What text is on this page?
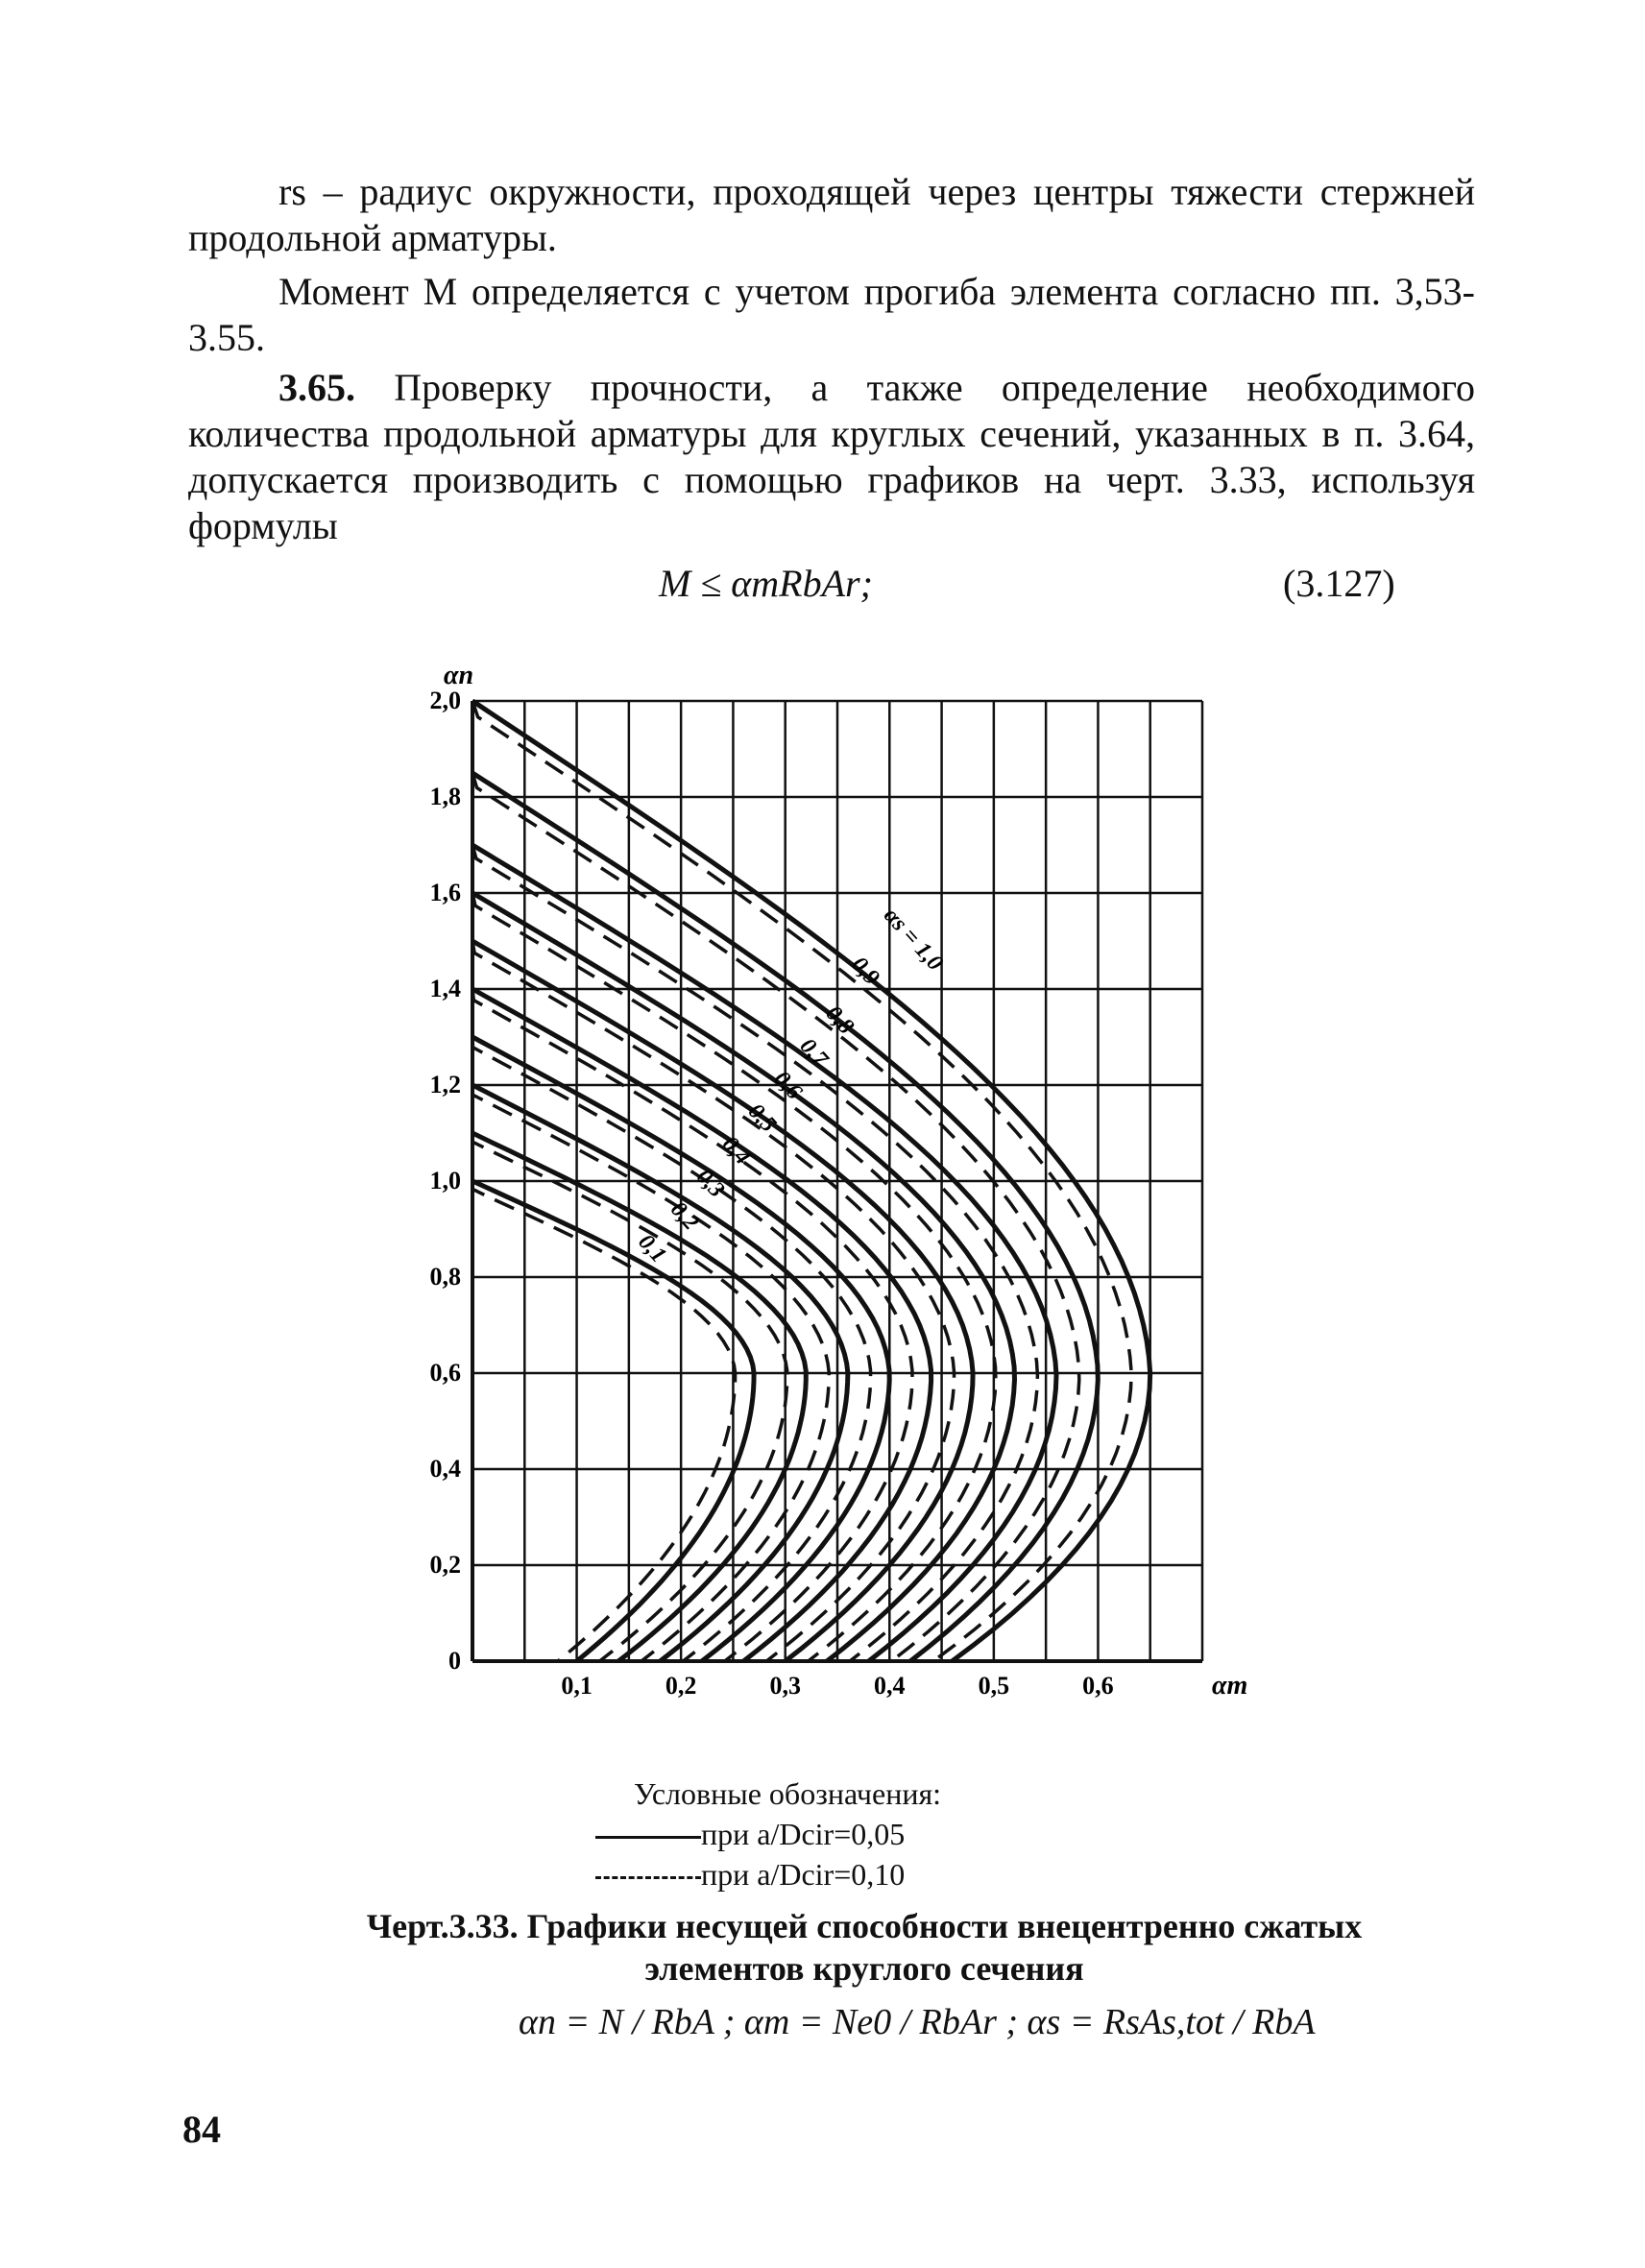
rs – радиус окружности, проходящей через центры тяжести стержней продольной арматуры.
Момент M определяется с учетом прогиба элемента согласно пп. 3,53-3.55.
3.65. Проверку прочности, а также определение необходимого количества продольной арматуры для круглых сечений, указанных в п. 3.64, допускается производить с помощью графиков на черт. 3.33, используя формулы
M ≤ αmRbAr;	(3.127)
0
0,2
0,4
0,6
0,8
1,0
1,2
1,4
1,6
1,8
2,0
0,1	0,2	0,3	0,4	0,5	0,6
αn
αm
0,1
0,2
0,3
0,4
0,5
0,6
0,7
0,8
0,9
αs = 1,0
Условные обозначения:
при a/Dcir=0,05
при a/Dcir=0,10
Черт.3.33. Графики несущей способности внецентренно сжатых
элементов круглого сечения
αn = N / RbA ; αm = Ne0 / RbAr ; αs = RsAs,tot / RbA
84
